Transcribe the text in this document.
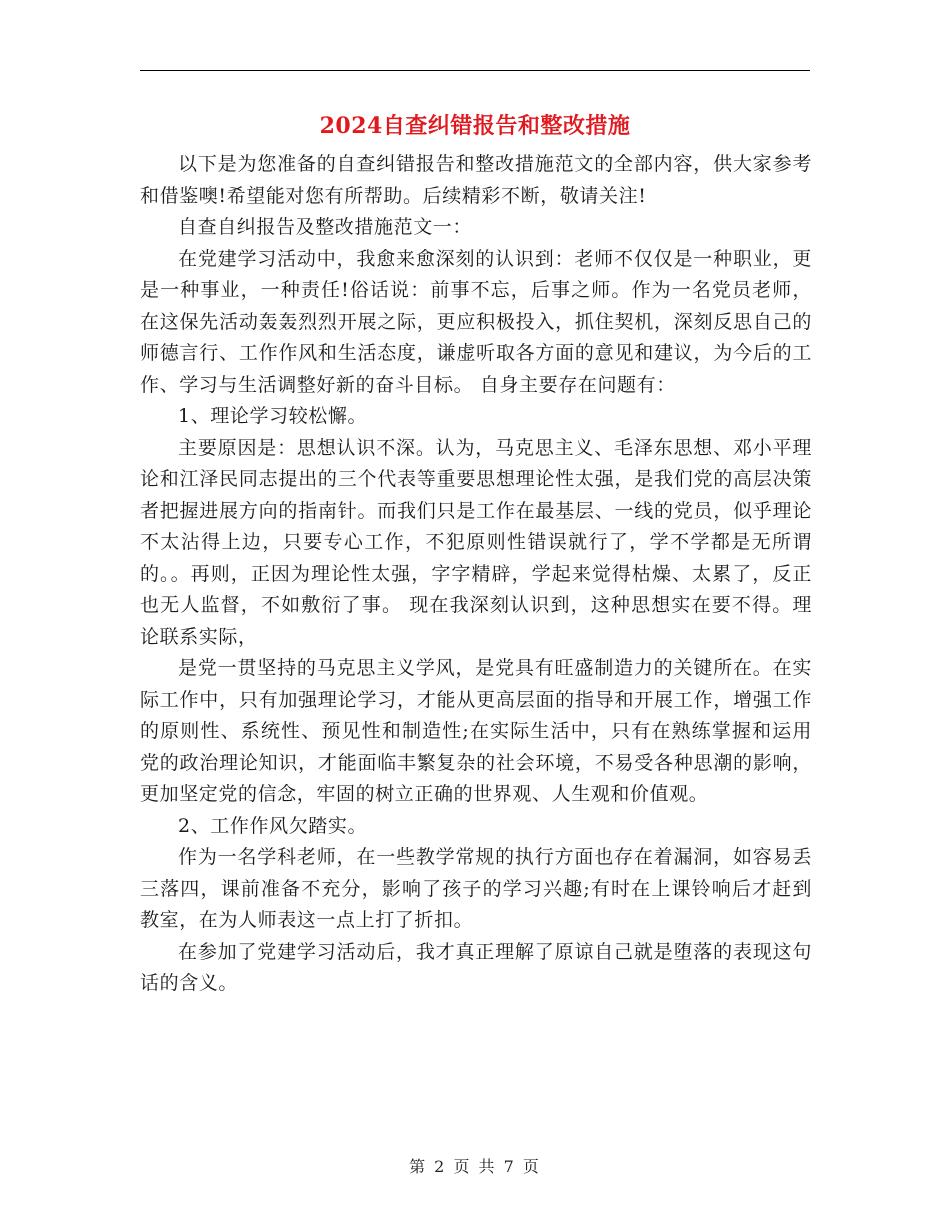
2024自查纠错报告和整改措施

以下是为您准备的自查纠错报告和整改措施范文的全部内容，供大家参考和借鉴噢!希望能对您有所帮助。后续精彩不断，敬请关注!

自查自纠报告及整改措施范文一：

在党建学习活动中，我愈来愈深刻的认识到：老师不仅仅是一种职业，更是一种事业，一种责任!俗话说：前事不忘，后事之师。作为一名党员老师，在这保先活动轰轰烈烈开展之际，更应积极投入，抓住契机，深刻反思自己的师德言行、工作作风和生活态度，谦虚听取各方面的意见和建议，为今后的工作、学习与生活调整好新的奋斗目标。 自身主要存在问题有：

1、理论学习较松懈。

主要原因是：思想认识不深。认为，马克思主义、毛泽东思想、邓小平理论和江泽民同志提出的三个代表等重要思想理论性太强，是我们党的高层决策者把握进展方向的指南针。而我们只是工作在最基层、一线的党员，似乎理论不太沾得上边，只要专心工作，不犯原则性错误就行了，学不学都是无所谓的。。再则，正因为理论性太强，字字精辟，学起来觉得枯燥、太累了，反正也无人监督，不如敷衍了事。 现在我深刻认识到，这种思想实在要不得。理论联系实际，

是党一贯坚持的马克思主义学风，是党具有旺盛制造力的关键所在。在实际工作中，只有加强理论学习，才能从更高层面的指导和开展工作，增强工作的原则性、系统性、预见性和制造性;在实际生活中，只有在熟练掌握和运用党的政治理论知识，才能面临丰繁复杂的社会环境，不易受各种思潮的影响，更加坚定党的信念，牢固的树立正确的世界观、人生观和价值观。

2、工作作风欠踏实。

作为一名学科老师，在一些教学常规的执行方面也存在着漏洞，如容易丢三落四，课前准备不充分，影响了孩子的学习兴趣;有时在上课铃响后才赶到教室，在为人师表这一点上打了折扣。

在参加了党建学习活动后，我才真正理解了原谅自己就是堕落的表现这句话的含义。

第 2 页 共 7 页
